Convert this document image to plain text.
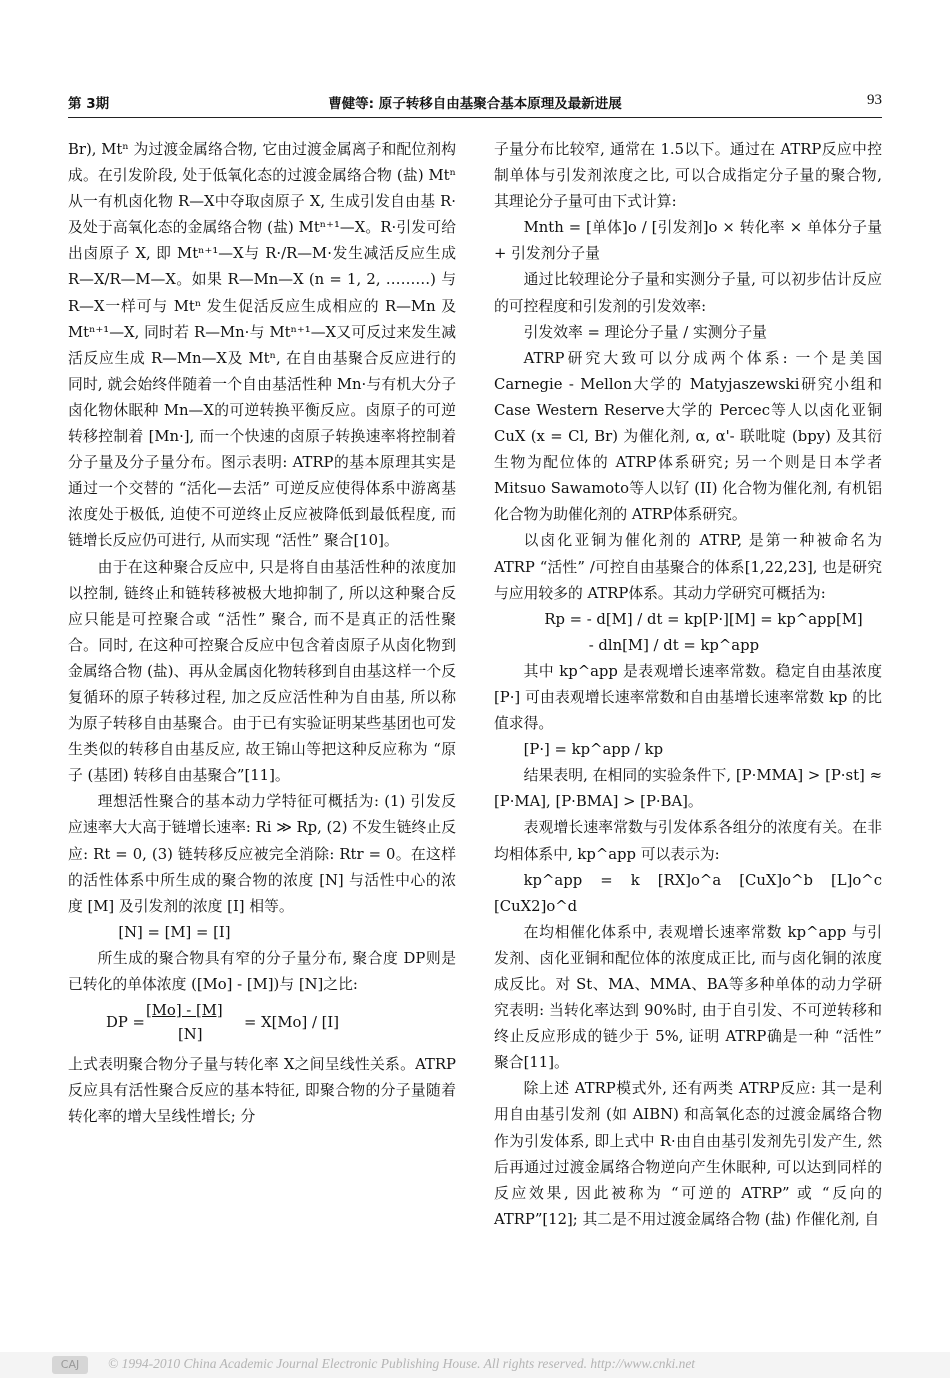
第 3期	曹健等: 原子转移自由基聚合基本原理及最新进展	93

Br), Mtⁿ 为过渡金属络合物, 它由过渡金属离子和配位剂构成。在引发阶段, 处于低氧化态的过渡金属络合物 (盐) Mtⁿ 从一有机卤化物 R—X中夺取卤原子 X, 生成引发自由基 R·及处于高氧化态的金属络合物 (盐) Mtⁿ⁺¹—X。R·引发可给出卤原子 X, 即 Mtⁿ⁺¹—X与 R·/R—M·发生减活反应生成 R—X/R—M—X。如果 R—Mn—X (n = 1, 2, ………) 与 R—X一样可与 Mtⁿ 发生促活反应生成相应的 R—Mn 及 Mtⁿ⁺¹—X, 同时若 R—Mn·与 Mtⁿ⁺¹—X又可反过来发生减活反应生成 R—Mn—X及 Mtⁿ, 在自由基聚合反应进行的同时, 就会始终伴随着一个自由基活性种 Mn·与有机大分子卤化物休眠种 Mn—X的可逆转换平衡反应。卤原子的可逆转移控制着 [Mn·], 而一个快速的卤原子转换速率将控制着分子量及分子量分布。图示表明: ATRP的基本原理其实是通过一个交替的 “活化—去活” 可逆反应使得体系中游离基浓度处于极低, 迫使不可逆终止反应被降低到最低程度, 而链增长反应仍可进行, 从而实现 “活性” 聚合[10]。

由于在这种聚合反应中, 只是将自由基活性种的浓度加以控制, 链终止和链转移被极大地抑制了, 所以这种聚合反应只能是可控聚合或 “活性” 聚合, 而不是真正的活性聚合。同时, 在这种可控聚合反应中包含着卤原子从卤化物到金属络合物 (盐)、再从金属卤化物转移到自由基这样一个反复循环的原子转移过程, 加之反应活性种为自由基, 所以称为原子转移自由基聚合。由于已有实验证明某些基团也可发生类似的转移自由基反应, 故王锦山等把这种反应称为 “原子 (基团) 转移自由基聚合”[11]。

理想活性聚合的基本动力学特征可概括为: (1) 引发反应速率大大高于链增长速率: Ri ≫ Rp, (2) 不发生链终止反应: Rt = 0, (3) 链转移反应被完全消除: Rtr = 0。在这样的活性体系中所生成的聚合物的浓度 [N] 与活性中心的浓度 [M] 及引发剂的浓度 [I] 相等。

[N] = [M] = [I]

所生成的聚合物具有窄的分子量分布, 聚合度 DP则是已转化的单体浓度 ([Mo] - [M])与 [N]之比:

DP =
[Mo] - [M]
[N]
= X[Mo] / [I]

上式表明聚合物分子量与转化率 X之间呈线性关系。ATRP反应具有活性聚合反应的基本特征, 即聚合物的分子量随着转化率的增大呈线性增长; 分

子量分布比较窄, 通常在 1.5以下。通过在 ATRP反应中控制单体与引发剂浓度之比, 可以合成指定分子量的聚合物, 其理论分子量可由下式计算:

Mnth = [单体]o / [引发剂]o × 转化率 × 单体分子量 + 引发剂分子量

通过比较理论分子量和实测分子量, 可以初步估计反应的可控程度和引发剂的引发效率:

引发效率 = 理论分子量 / 实测分子量

ATRP研究大致可以分成两个体系: 一个是美国 Carnegie - Mellon大学的 Matyjaszewski研究小组和 Case Western Reserve大学的 Percec等人以卤化亚铜 CuX (x = Cl, Br) 为催化剂, α, α'- 联吡啶 (bpy) 及其衍生物为配位体的 ATRP体系研究; 另一个则是日本学者 Mitsuo Sawamoto等人以钌 (II) 化合物为催化剂, 有机铝化合物为助催化剂的 ATRP体系研究。

以卤化亚铜为催化剂的 ATRP, 是第一种被命名为 ATRP “活性” /可控自由基聚合的体系[1,22,23], 也是研究与应用较多的 ATRP体系。其动力学研究可概括为:

Rp = - d[M] / dt = kp[P·][M] = kp^app[M]

- dln[M] / dt = kp^app

其中 kp^app 是表观增长速率常数。稳定自由基浓度 [P·] 可由表观增长速率常数和自由基增长速率常数 kp 的比值求得。

[P·] = kp^app / kp

结果表明, 在相同的实验条件下, [P·MMA] > [P·st] ≈ [P·MA], [P·BMA] > [P·BA]。

表观增长速率常数与引发体系各组分的浓度有关。在非均相体系中, kp^app 可以表示为:

kp^app = k [RX]o^a [CuX]o^b [L]o^c [CuX2]o^d

在均相催化体系中, 表观增长速率常数 kp^app 与引发剂、卤化亚铜和配位体的浓度成正比, 而与卤化铜的浓度成反比。对 St、MA、MMA、BA等多种单体的动力学研究表明: 当转化率达到 90%时, 由于自引发、不可逆转移和终止反应形成的链少于 5%, 证明 ATRP确是一种 “活性” 聚合[11]。

除上述 ATRP模式外, 还有两类 ATRP反应: 其一是利用自由基引发剂 (如 AIBN) 和高氧化态的过渡金属络合物作为引发体系, 即上式中 R·由自由基引发剂先引发产生, 然后再通过过渡金属络合物逆向产生休眠种, 可以达到同样的反应效果, 因此被称为 “可逆的 ATRP” 或 “反向的 ATRP”[12]; 其二是不用过渡金属络合物 (盐) 作催化剂, 自

CAJ	© 1994-2010 China Academic Journal Electronic Publishing House. All rights reserved. http://www.cnki.net
